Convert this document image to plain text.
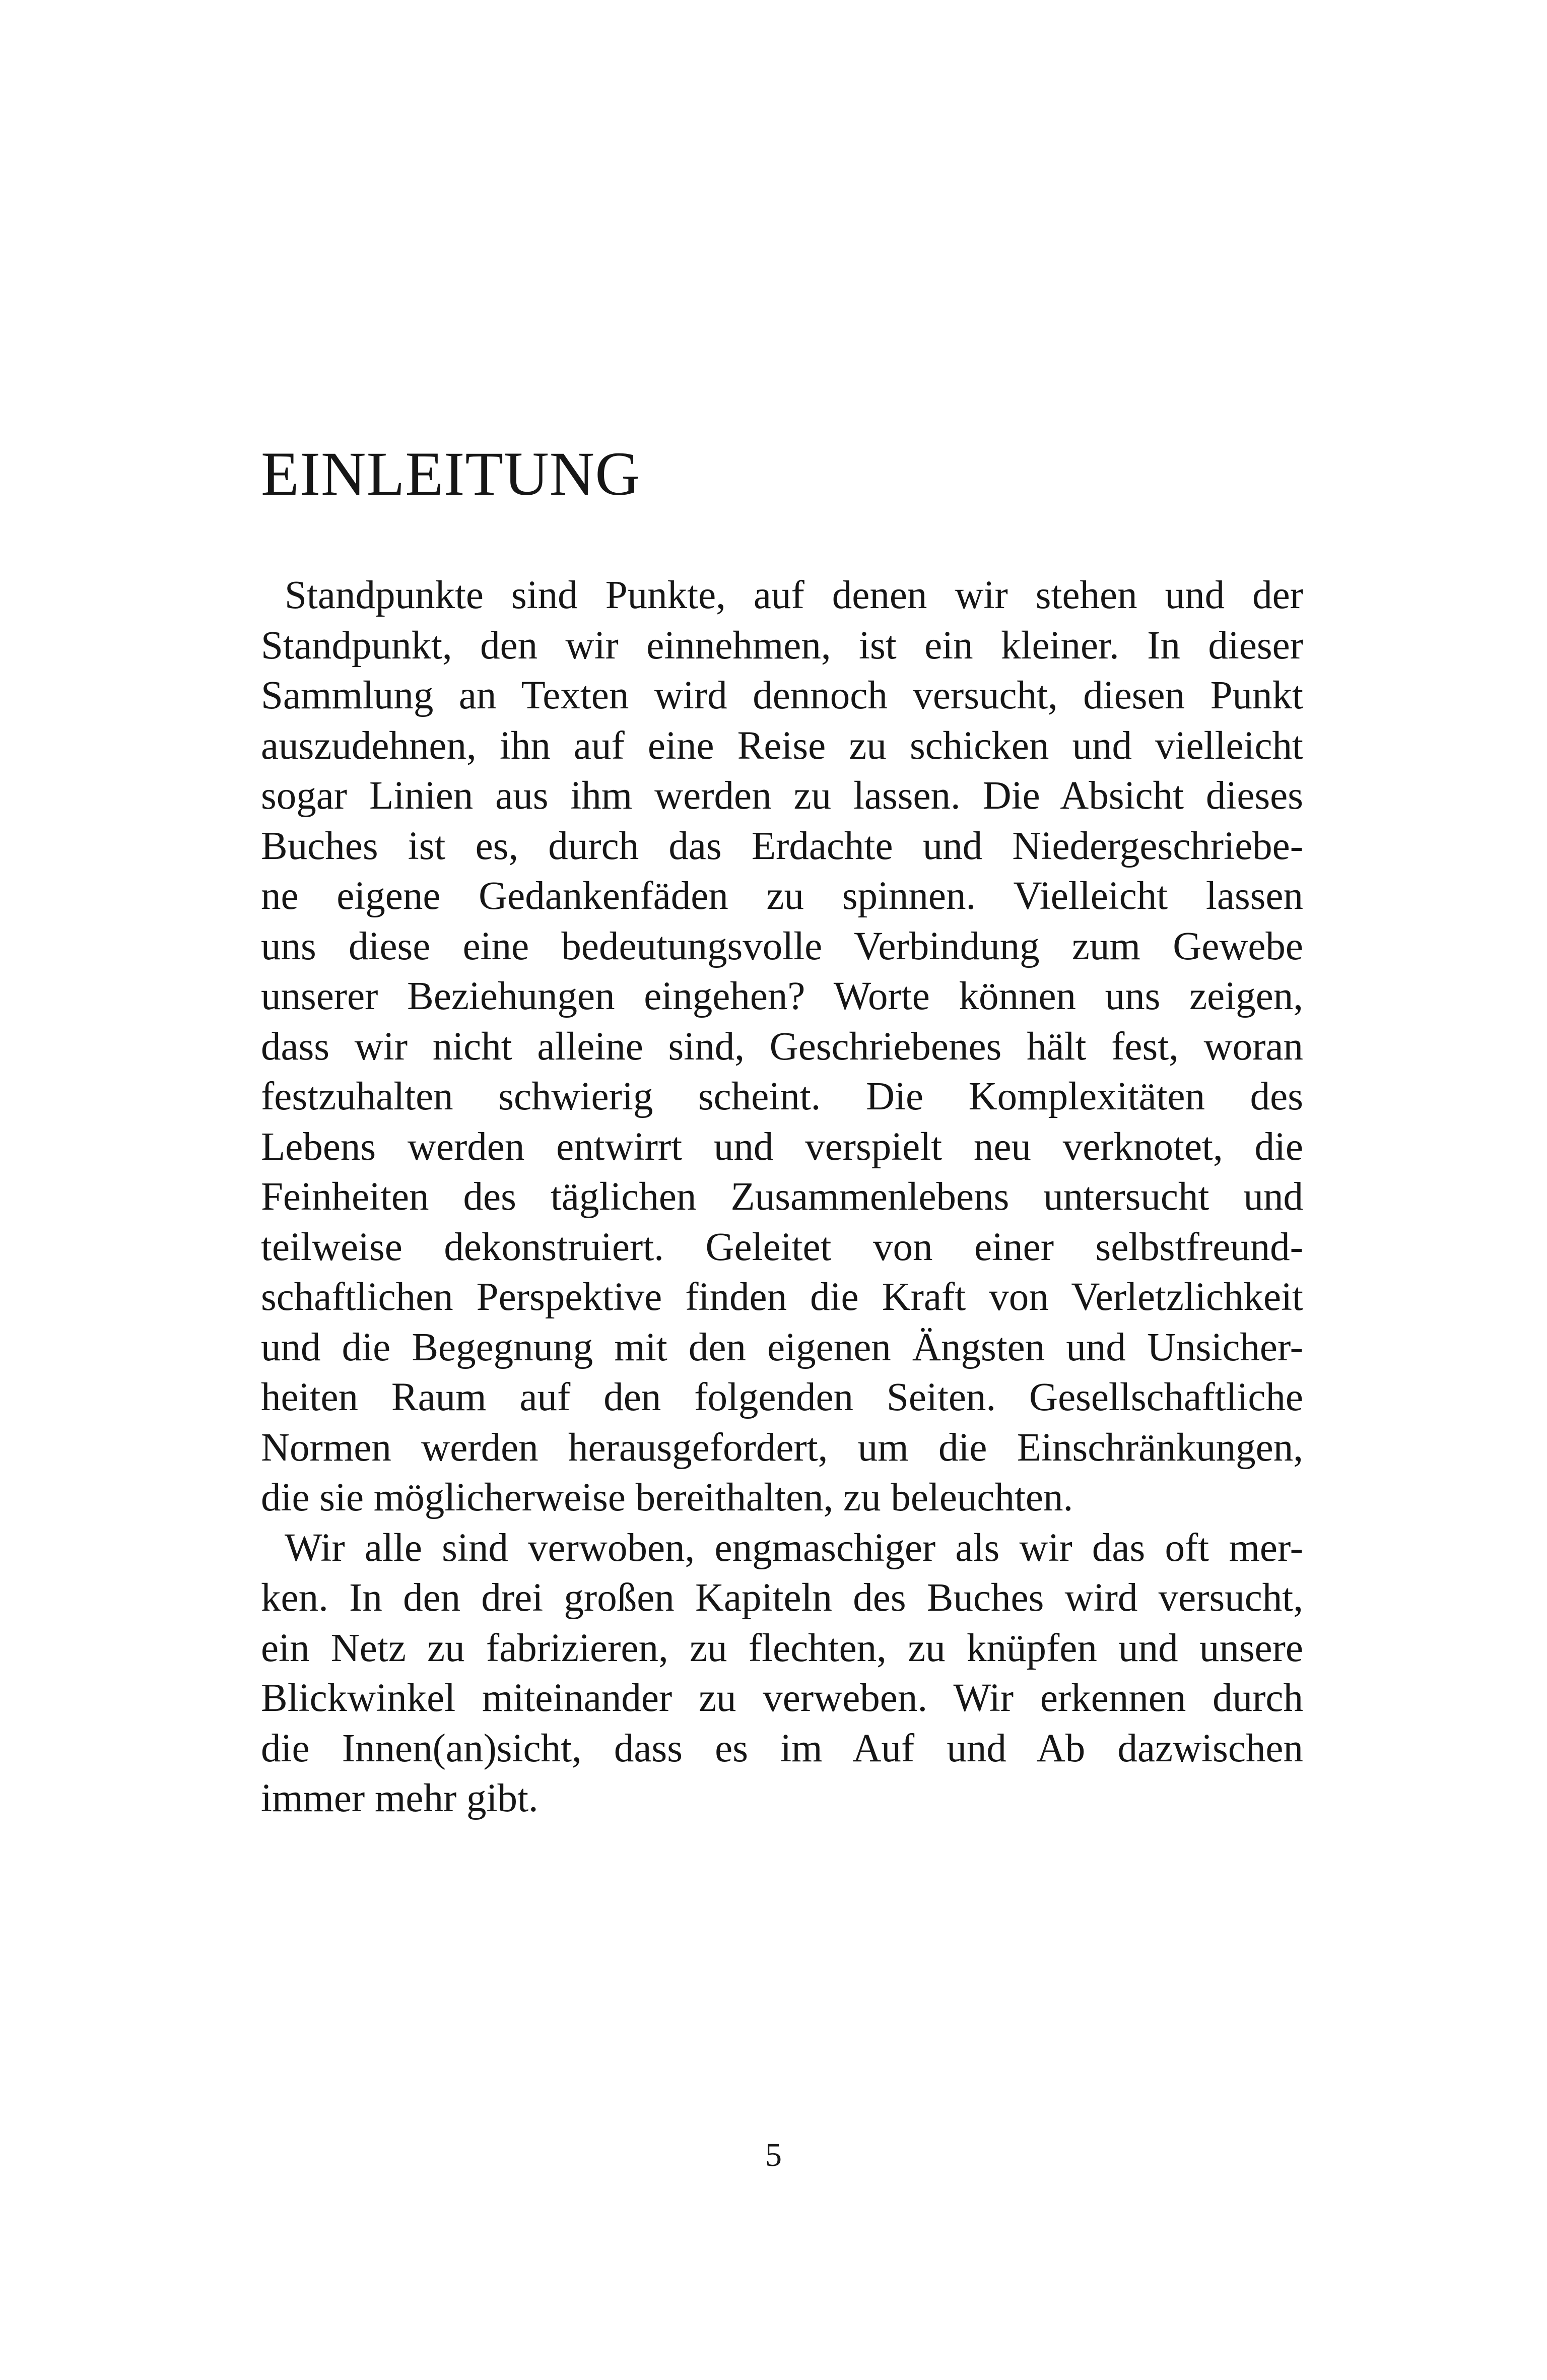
EINLEITUNG
Standpunkte sind Punkte, auf denen wir stehen und der
Standpunkt, den wir einnehmen, ist ein kleiner. In dieser
Sammlung an Texten wird dennoch versucht, diesen Punkt
auszudehnen, ihn auf eine Reise zu schicken und vielleicht
sogar Linien aus ihm werden zu lassen. Die Absicht dieses
Buches ist es, durch das Erdachte und Niedergeschriebe-
ne eigene Gedankenfäden zu spinnen. Vielleicht lassen
uns diese eine bedeutungsvolle Verbindung zum Gewebe
unserer Beziehungen eingehen? Worte können uns zeigen,
dass wir nicht alleine sind, Geschriebenes hält fest, woran
festzuhalten schwierig scheint. Die Komplexitäten des
Lebens werden entwirrt und verspielt neu verknotet, die
Feinheiten des täglichen Zusammenlebens untersucht und
teilweise dekonstruiert. Geleitet von einer selbstfreund-
schaftlichen Perspektive finden die Kraft von Verletzlichkeit
und die Begegnung mit den eigenen Ängsten und Unsicher-
heiten Raum auf den folgenden Seiten. Gesellschaftliche
Normen werden herausgefordert, um die Einschränkungen,
die sie möglicherweise bereithalten, zu beleuchten.
Wir alle sind verwoben, engmaschiger als wir das oft mer-
ken. In den drei großen Kapiteln des Buches wird versucht,
ein Netz zu fabrizieren, zu flechten, zu knüpfen und unsere
Blickwinkel miteinander zu verweben. Wir erkennen durch
die Innen(an)sicht, dass es im Auf und Ab dazwischen
immer mehr gibt.
5
